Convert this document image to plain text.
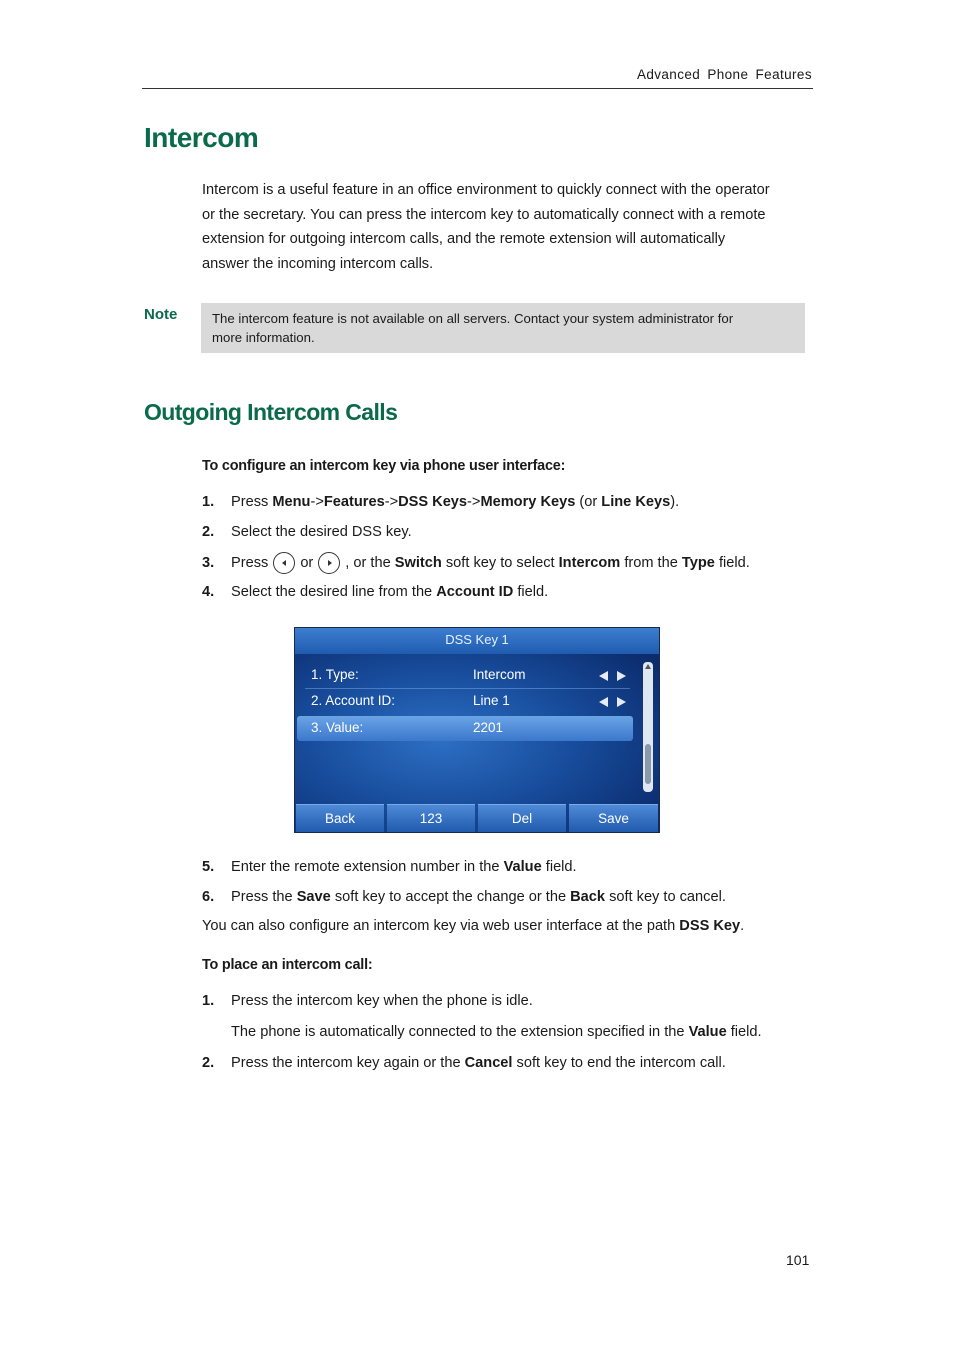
Advanced Phone Features
Intercom
Intercom is a useful feature in an office environment to quickly connect with the operator
or the secretary. You can press the intercom key to automatically connect with a remote
extension for outgoing intercom calls, and the remote extension will automatically
answer the incoming intercom calls.
Note	The intercom feature is not available on all servers. Contact your system administrator for
more information.
Outgoing Intercom Calls
To configure an intercom key via phone user interface:
1.	Press Menu->Features->DSS Keys->Memory Keys (or Line Keys).
2.	Select the desired DSS key.
3.	Press or , or the Switch soft key to select Intercom from the Type field.
4.	Select the desired line from the Account ID field.
DSS Key 1
1. Type:	Intercom
2. Account ID:	Line 1
3. Value:	2201
Back	123	Del	Save
5.	Enter the remote extension number in the Value field.
6.	Press the Save soft key to accept the change or the Back soft key to cancel.
You can also configure an intercom key via web user interface at the path DSS Key.
To place an intercom call:
1.	Press the intercom key when the phone is idle.
The phone is automatically connected to the extension specified in the Value field.
2.	Press the intercom key again or the Cancel soft key to end the intercom call.
101
